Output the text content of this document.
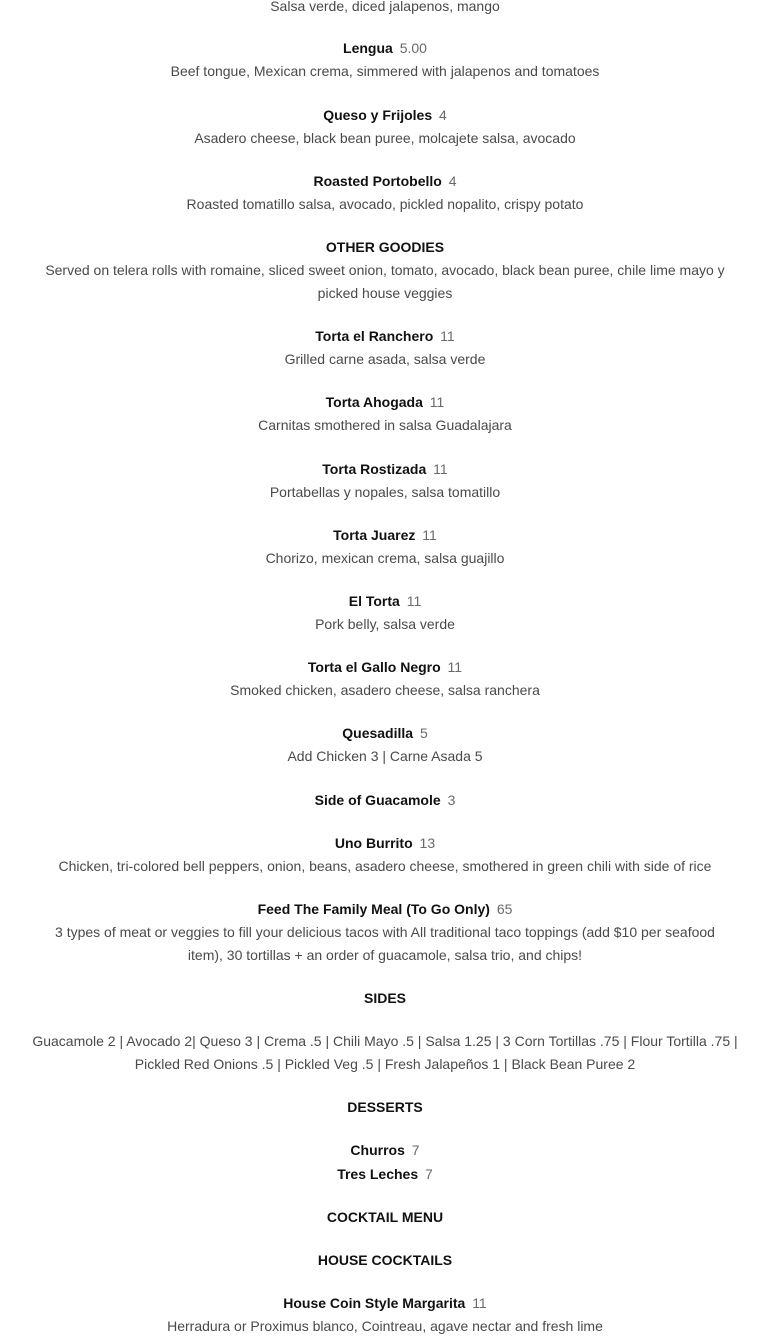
Salsa verde, diced jalapenos, mango
Lengua 5.00
Beef tongue, Mexican crema, simmered with jalapenos and tomatoes
Queso y Frijoles 4
Asadero cheese, black bean puree, molcajete salsa, avocado
Roasted Portobello 4
Roasted tomatillo salsa, avocado, pickled nopalito, crispy potato
OTHER GOODIES
Served on telera rolls with romaine, sliced sweet onion, tomato, avocado, black bean puree, chile lime mayo y picked house veggies
Torta el Ranchero 11
Grilled carne asada, salsa verde
Torta Ahogada 11
Carnitas smothered in salsa Guadalajara
Torta Rostizada 11
Portabellas y nopales, salsa tomatillo
Torta Juarez 11
Chorizo, mexican crema, salsa guajillo
El Torta 11
Pork belly, salsa verde
Torta el Gallo Negro 11
Smoked chicken, asadero cheese, salsa ranchera
Quesadilla 5
Add Chicken 3 | Carne Asada 5
Side of Guacamole 3
Uno Burrito 13
Chicken, tri-colored bell peppers, onion, beans, asadero cheese, smothered in green chili with side of rice
Feed The Family Meal (To Go Only) 65
3 types of meat or veggies to fill your delicious tacos with All traditional taco toppings (add $10 per seafood item), 30 tortillas + an order of guacamole, salsa trio, and chips!
SIDES
Guacamole 2 | Avocado 2| Queso 3 | Crema .5 | Chili Mayo .5 | Salsa 1.25 | 3 Corn Tortillas .75 | Flour Tortilla .75 | Pickled Red Onions .5 | Pickled Veg .5 | Fresh Jalapeños 1 | Black Bean Puree 2
DESSERTS
Churros 7
Tres Leches 7
COCKTAIL MENU
HOUSE COCKTAILS
House Coin Style Margarita 11
Herradura or Proximus blanco, Cointreau, agave nectar and fresh lime
